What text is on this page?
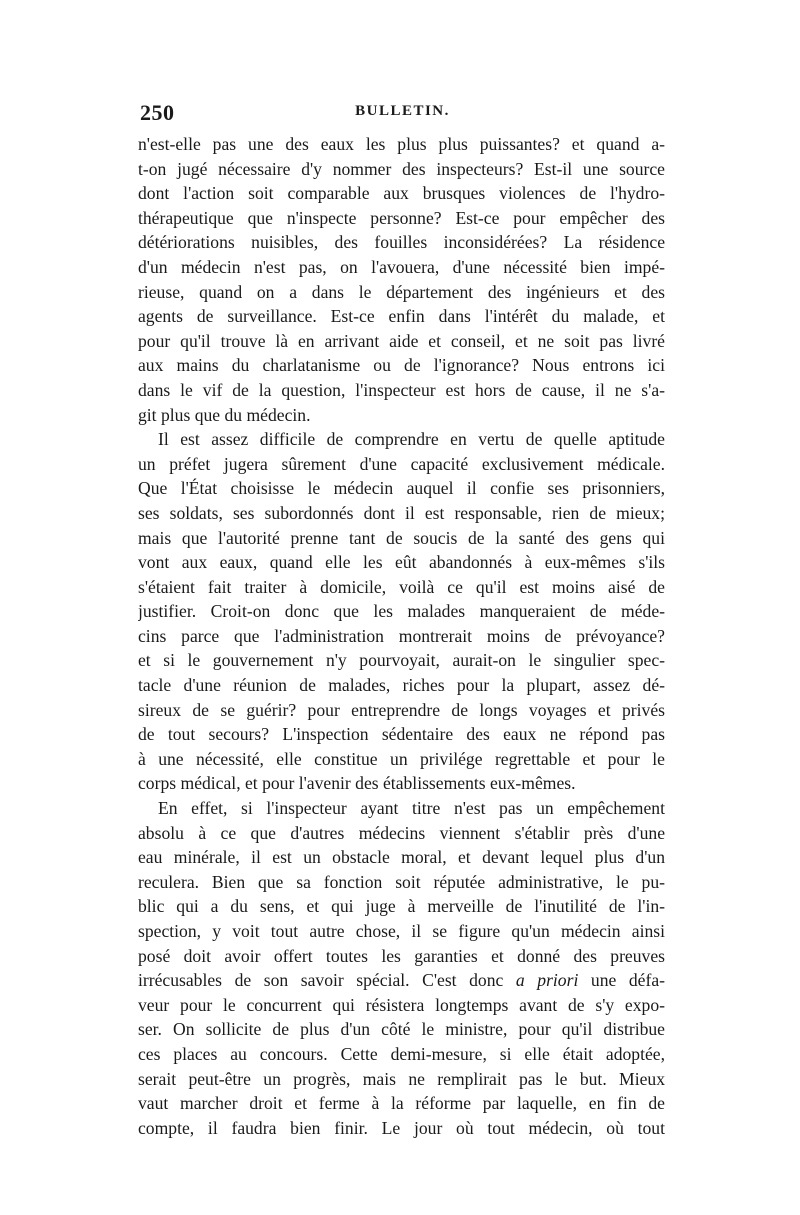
250	BULLETIN.
n'est-elle pas une des eaux les plus plus puissantes? et quand a-
t-on jugé nécessaire d'y nommer des inspecteurs? Est-il une source
dont l'action soit comparable aux brusques violences de l'hydro-
thérapeutique que n'inspecte personne? Est-ce pour empêcher des
détériorations nuisibles, des fouilles inconsidérées? La résidence
d'un médecin n'est pas, on l'avouera, d'une nécessité bien impé-
rieuse, quand on a dans le département des ingénieurs et des
agents de surveillance. Est-ce enfin dans l'intérêt du malade, et
pour qu'il trouve là en arrivant aide et conseil, et ne soit pas livré
aux mains du charlatanisme ou de l'ignorance? Nous entrons ici
dans le vif de la question, l'inspecteur est hors de cause, il ne s'a-
git plus que du médecin.
Il est assez difficile de comprendre en vertu de quelle aptitude
un préfet jugera sûrement d'une capacité exclusivement médicale.
Que l'État choisisse le médecin auquel il confie ses prisonniers,
ses soldats, ses subordonnés dont il est responsable, rien de mieux;
mais que l'autorité prenne tant de soucis de la santé des gens qui
vont aux eaux, quand elle les eût abandonnés à eux-mêmes s'ils
s'étaient fait traiter à domicile, voilà ce qu'il est moins aisé de
justifier. Croit-on donc que les malades manqueraient de méde-
cins parce que l'administration montrerait moins de prévoyance?
et si le gouvernement n'y pourvoyait, aurait-on le singulier spec-
tacle d'une réunion de malades, riches pour la plupart, assez dé-
sireux de se guérir? pour entreprendre de longs voyages et privés
de tout secours? L'inspection sédentaire des eaux ne répond pas
à une nécessité, elle constitue un privilége regrettable et pour le
corps médical, et pour l'avenir des établissements eux-mêmes.
En effet, si l'inspecteur ayant titre n'est pas un empêchement
absolu à ce que d'autres médecins viennent s'établir près d'une
eau minérale, il est un obstacle moral, et devant lequel plus d'un
reculera. Bien que sa fonction soit réputée administrative, le pu-
blic qui a du sens, et qui juge à merveille de l'inutilité de l'in-
spection, y voit tout autre chose, il se figure qu'un médecin ainsi
posé doit avoir offert toutes les garanties et donné des preuves
irrécusables de son savoir spécial. C'est donc a priori une défa-
veur pour le concurrent qui résistera longtemps avant de s'y expo-
ser. On sollicite de plus d'un côté le ministre, pour qu'il distribue
ces places au concours. Cette demi-mesure, si elle était adoptée,
serait peut-être un progrès, mais ne remplirait pas le but. Mieux
vaut marcher droit et ferme à la réforme par laquelle, en fin de
compte, il faudra bien finir. Le jour où tout médecin, où tout
